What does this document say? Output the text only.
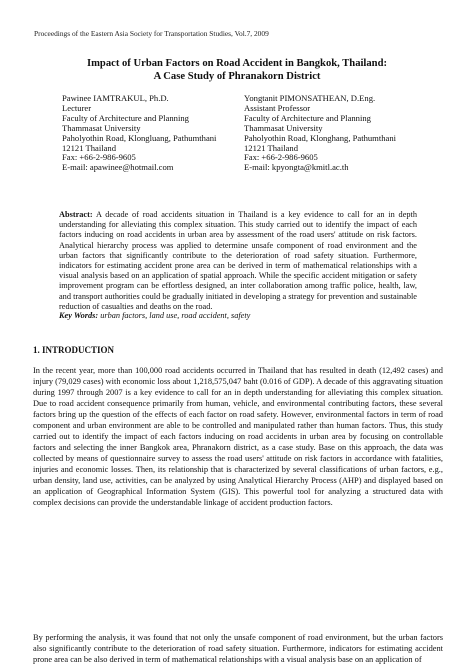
Proceedings of the Eastern Asia Society for Transportation Studies, Vol.7, 2009
Impact of Urban Factors on Road Accident in Bangkok, Thailand:
A Case Study of Phranakorn District
Pawinee IAMTRAKUL, Ph.D.
Lecturer
Faculty of Architecture and Planning
Thammasat University
Paholyothin Road, Klongluang, Pathumthani
12121 Thailand
Fax: +66-2-986-9605
E-mail: apawinee@hotmail.com
Yongtanit PIMONSATHEAN, D.Eng.
Assistant Professor
Faculty of Architecture and Planning
Thammasat University
Paholyothin Road, Klonghang, Pathumthani
12121 Thailand
Fax: +66-2-986-9605
E-mail: kpyongta@kmitl.ac.th

Abstract: A decade of road accidents situation in Thailand is a key evidence to call for an in depth understanding for alleviating this complex situation. This study carried out to identify the impact of each factors inducing on road accidents in urban area by assessment of the road users' attitude on risk factors. Analytical hierarchy process was applied to determine unsafe component of road environment and the urban factors that significantly contribute to the deterioration of road safety situation. Furthermore, indicators for estimating accident prone area can be derived in term of mathematical relationships with a visual analysis based on an application of spatial approach. While the specific accident mitigation or safety improvement program can be effortless designed, an inter collaboration among traffic police, health, law, and transport authorities could be gradually initiated in developing a strategy for prevention and sustainable reduction of casualties and deaths on the road.

Key Words: urban factors, land use, road accident, safety
1. INTRODUCTION

In the recent year, more than 100,000 road accidents occurred in Thailand that has resulted in death (12,492 cases) and injury (79,029 cases) with economic loss about 1,218,575,047 baht (0.016 of GDP). A decade of this aggravating situation during 1997 through 2007 is a key evidence to call for an in depth understanding for alleviating this complex situation. Due to road accident consequence primarily from human, vehicle, and environmental contributing factors, these several factors bring up the question of the effects of each factor on road safety. However, environmental factors in term of road component and urban environment are able to be controlled and manipulated rather than human factors. Thus, this study carried out to identify the impact of each factors inducing on road accidents in urban area by focusing on controllable factors and selecting the inner Bangkok area, Phranakorn district, as a case study. Base on this approach, the data was collected by means of questionnaire survey to assess the road users' attitude on risk factors in accordance with fatalities, injuries and economic losses. Then, its relationship that is characterized by several classifications of urban factors, e.g., urban density, land use, activities, can be analyzed by using Analytical Hierarchy Process (AHP) and displayed based on an application of Geographical Information System (GIS). This powerful tool for analyzing a structured data with complex decisions can provide the understandable linkage of accident production factors.

By performing the analysis, it was found that not only the unsafe component of road environment, but the urban factors also significantly contribute to the deterioration of road safety situation. Furthermore, indicators for estimating accident prone area can be also derived in term of mathematical relationships with a visual analysis base on an application of
